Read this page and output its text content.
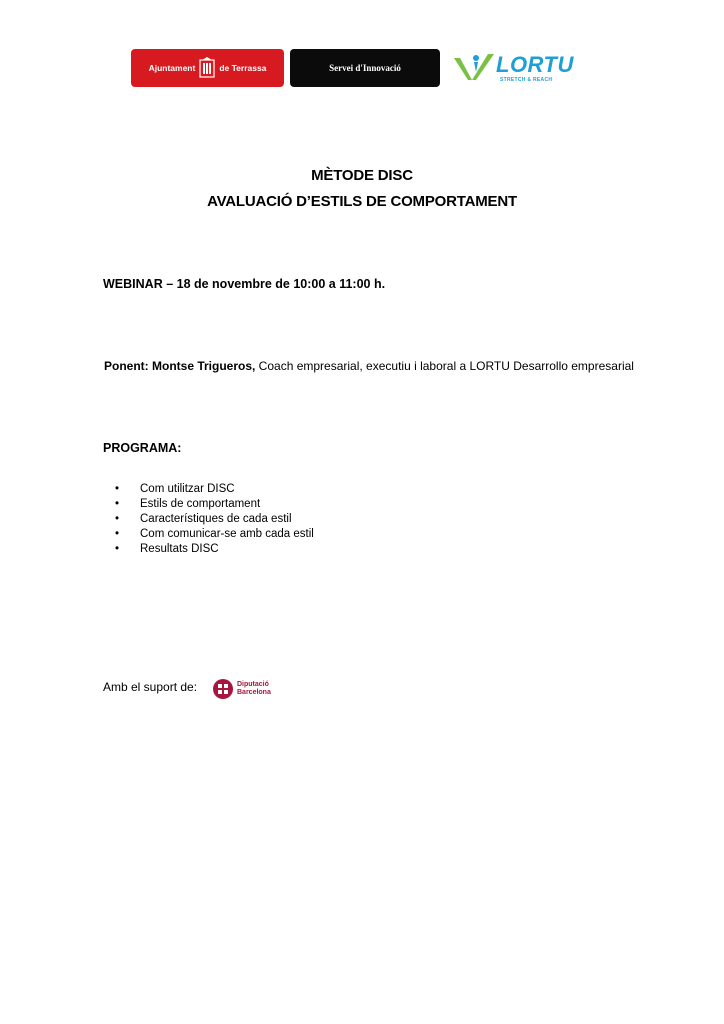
Ajuntament	de Terrassa	Servei d'Innovació	LORTU
STRETCH & REACH
MÈTODE DISC
AVALUACIÓ D’ESTILS DE COMPORTAMENT
WEBINAR – 18 de novembre de 10:00 a 11:00 h.
Ponent: Montse Trigueros, Coach empresarial, executiu i laboral a LORTU Desarrollo empresarial
PROGRAMA:
• Com utilitzar DISC
• Estils de comportament
• Característiques de cada estil
• Com comunicar-se amb cada estil
• Resultats DISC
Amb el suport de:	Diputació
Barcelona
